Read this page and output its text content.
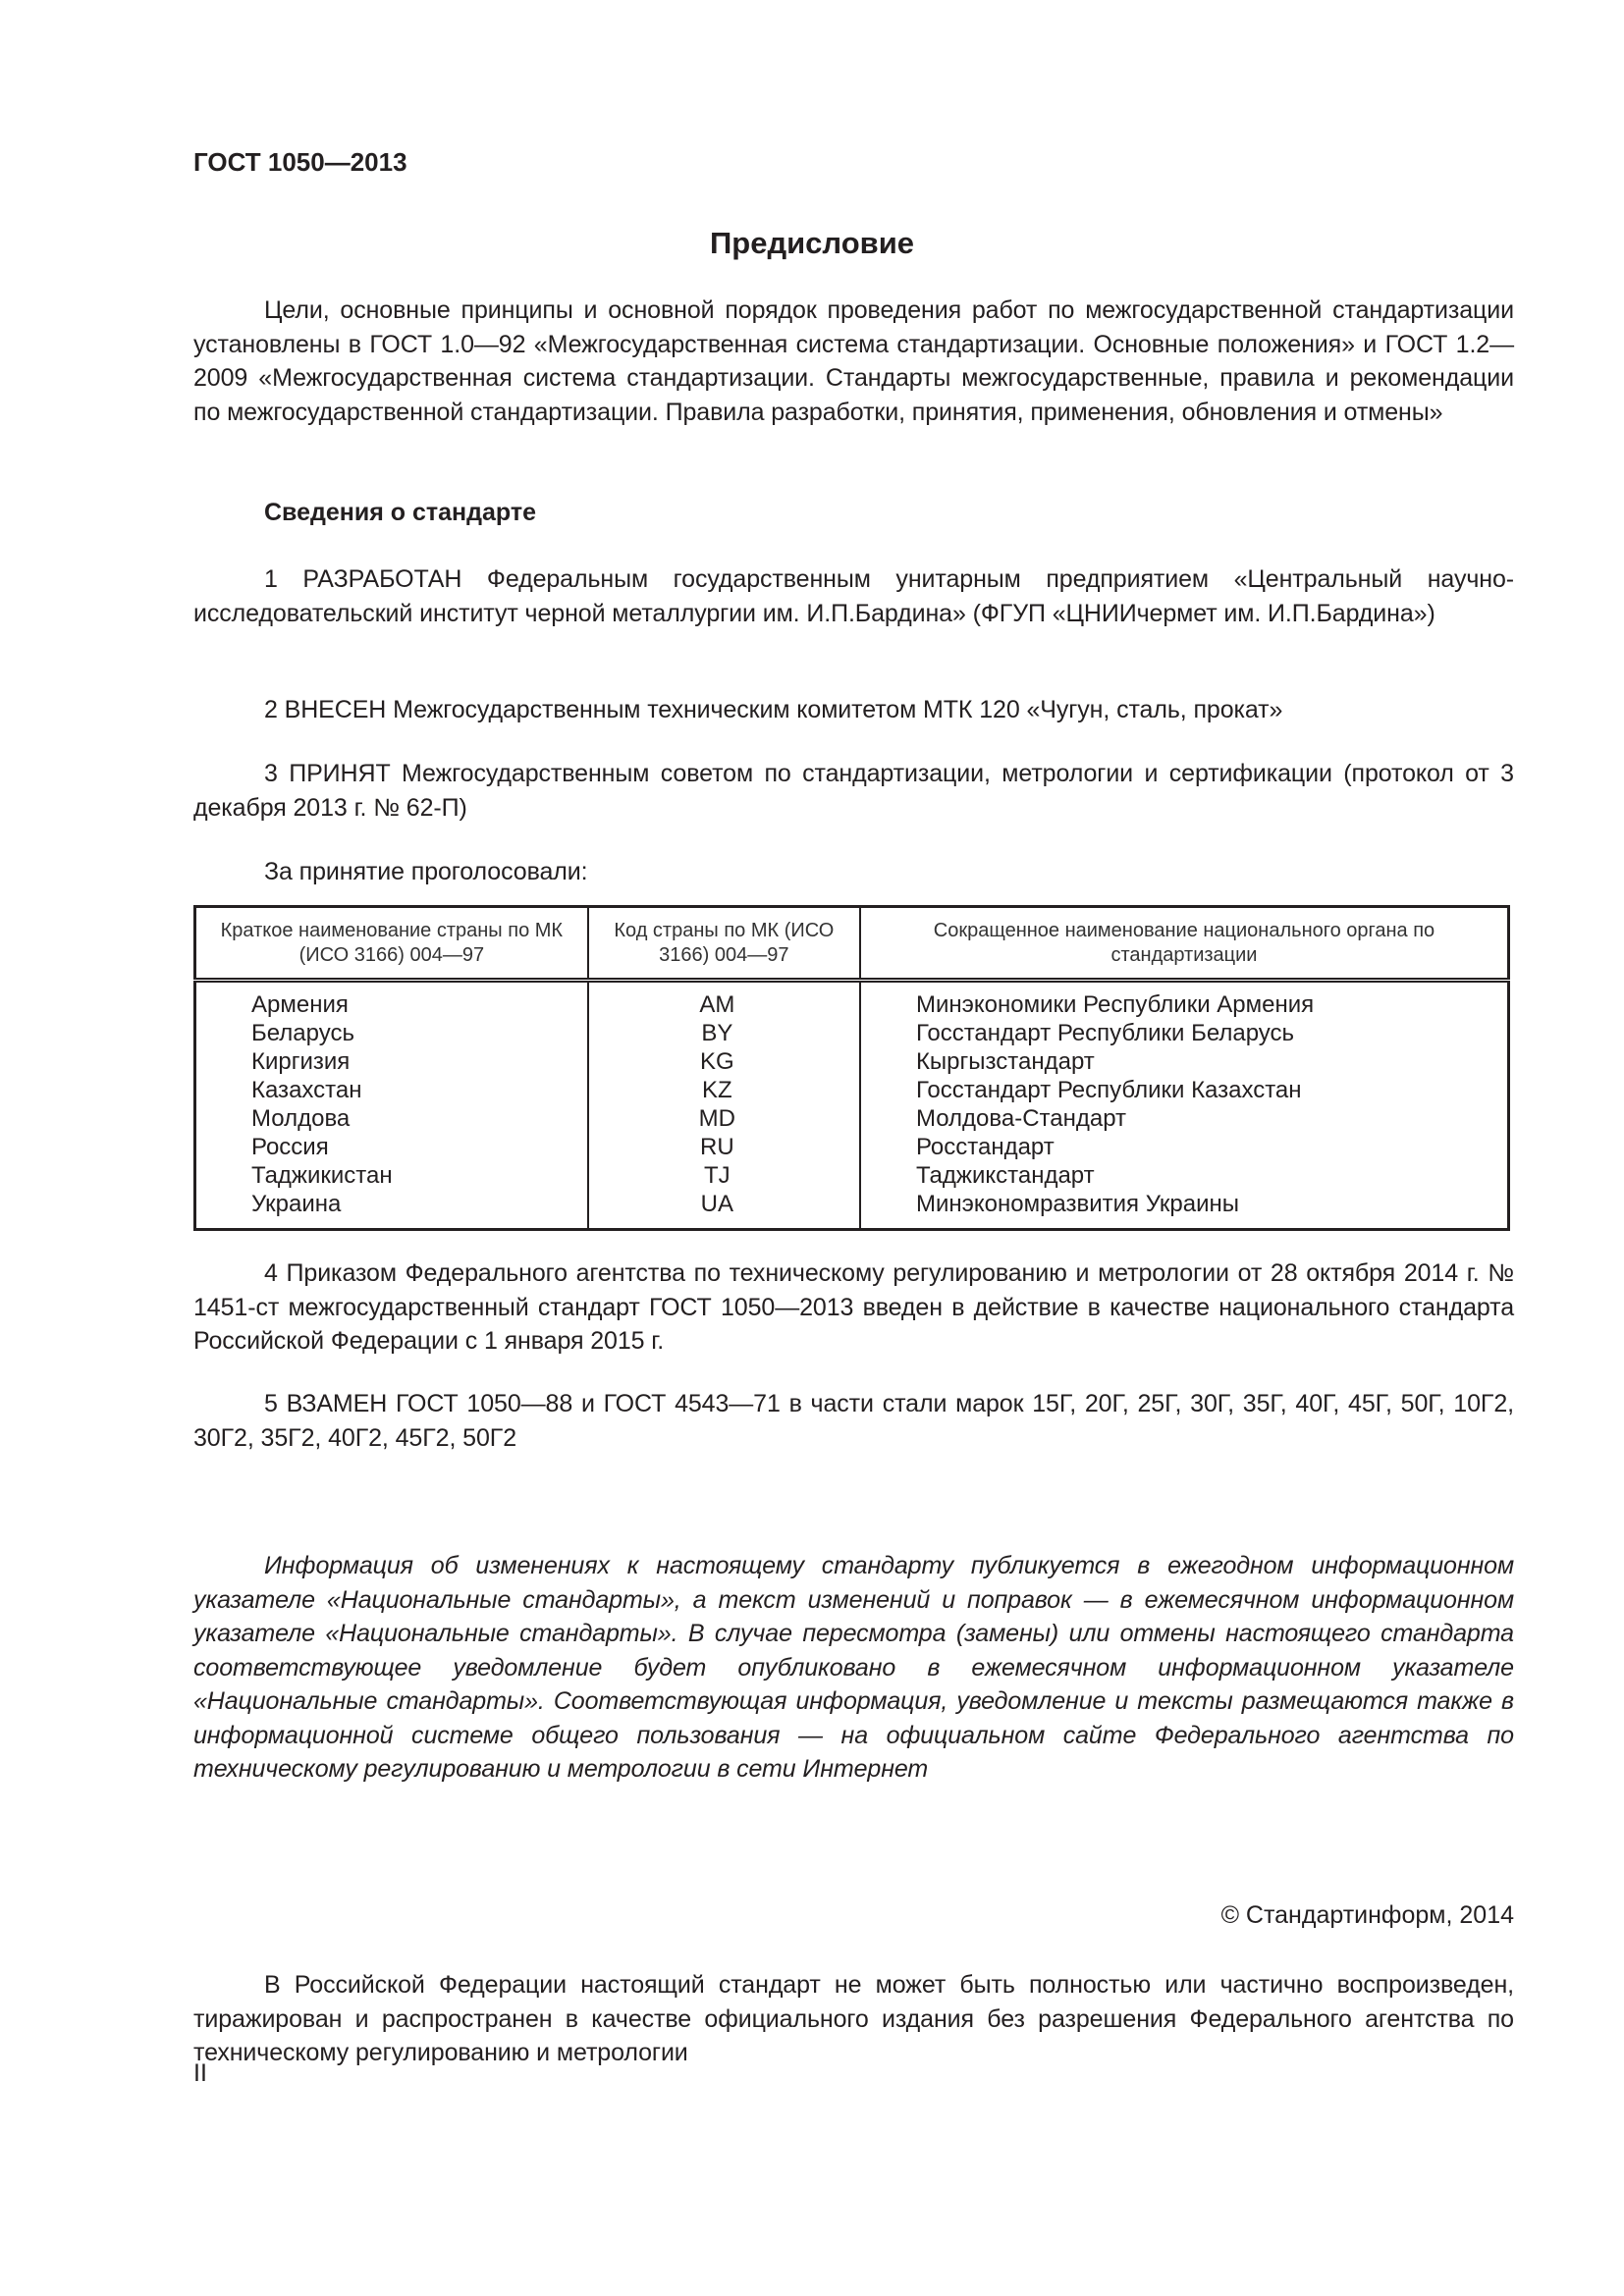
ГОСТ 1050—2013
Предисловие

Цели, основные принципы и основной порядок проведения работ по межгосударственной стандартизации установлены в ГОСТ 1.0—92 «Межгосударственная система стандартизации. Основные положения» и ГОСТ 1.2—2009 «Межгосударственная система стандартизации. Стандарты межгосударственные, правила и рекомендации по межгосударственной стандартизации. Правила разработки, принятия, применения, обновления и отмены»

Сведения о стандарте

1 РАЗРАБОТАН Федеральным государственным унитарным предприятием «Центральный научно-исследовательский институт черной металлургии им. И.П.Бардина» (ФГУП «ЦНИИчермет им. И.П.Бардина»)

2 ВНЕСЕН Межгосударственным техническим комитетом МТК 120 «Чугун, сталь, прокат»

3 ПРИНЯТ Межгосударственным советом по стандартизации, метрологии и сертификации (протокол от 3 декабря 2013 г. № 62-П)

За принятие проголосовали:

Краткое наименование страны по МК (ИСО 3166) 004—97	Код страны по МК (ИСО 3166) 004—97	Сокращенное наименование национального органа по стандартизации
Армения	AM	Минэкономики Республики Армения
Беларусь	BY	Госстандарт Республики Беларусь
Киргизия	KG	Кыргызстандарт
Казахстан	KZ	Госстандарт Республики Казахстан
Молдова	MD	Молдова-Стандарт
Россия	RU	Росстандарт
Таджикистан	TJ	Таджикстандарт
Украина	UA	Минэкономразвития Украины

4 Приказом Федерального агентства по техническому регулированию и метрологии от 28 октября 2014 г. № 1451-ст межгосударственный стандарт ГОСТ 1050—2013 введен в действие в качестве национального стандарта Российской Федерации с 1 января 2015 г.

5 ВЗАМЕН ГОСТ 1050—88 и ГОСТ 4543—71 в части стали марок 15Г, 20Г, 25Г, 30Г, 35Г, 40Г, 45Г, 50Г, 10Г2, 30Г2, 35Г2, 40Г2, 45Г2, 50Г2

Информация об изменениях к настоящему стандарту публикуется в ежегодном информационном указателе «Национальные стандарты», а текст изменений и поправок — в ежемесячном информационном указателе «Национальные стандарты». В случае пересмотра (замены) или отмены настоящего стандарта соответствующее уведомление будет опубликовано в ежемесячном информационном указателе «Национальные стандарты». Соответствующая информация, уведомление и тексты размещаются также в информационной системе общего пользования — на официальном сайте Федерального агентства по техническому регулированию и метрологии в сети Интернет

© Стандартинформ, 2014

В Российской Федерации настоящий стандарт не может быть полностью или частично воспроизведен, тиражирован и распространен в качестве официального издания без разрешения Федерального агентства по техническому регулированию и метрологии

II
